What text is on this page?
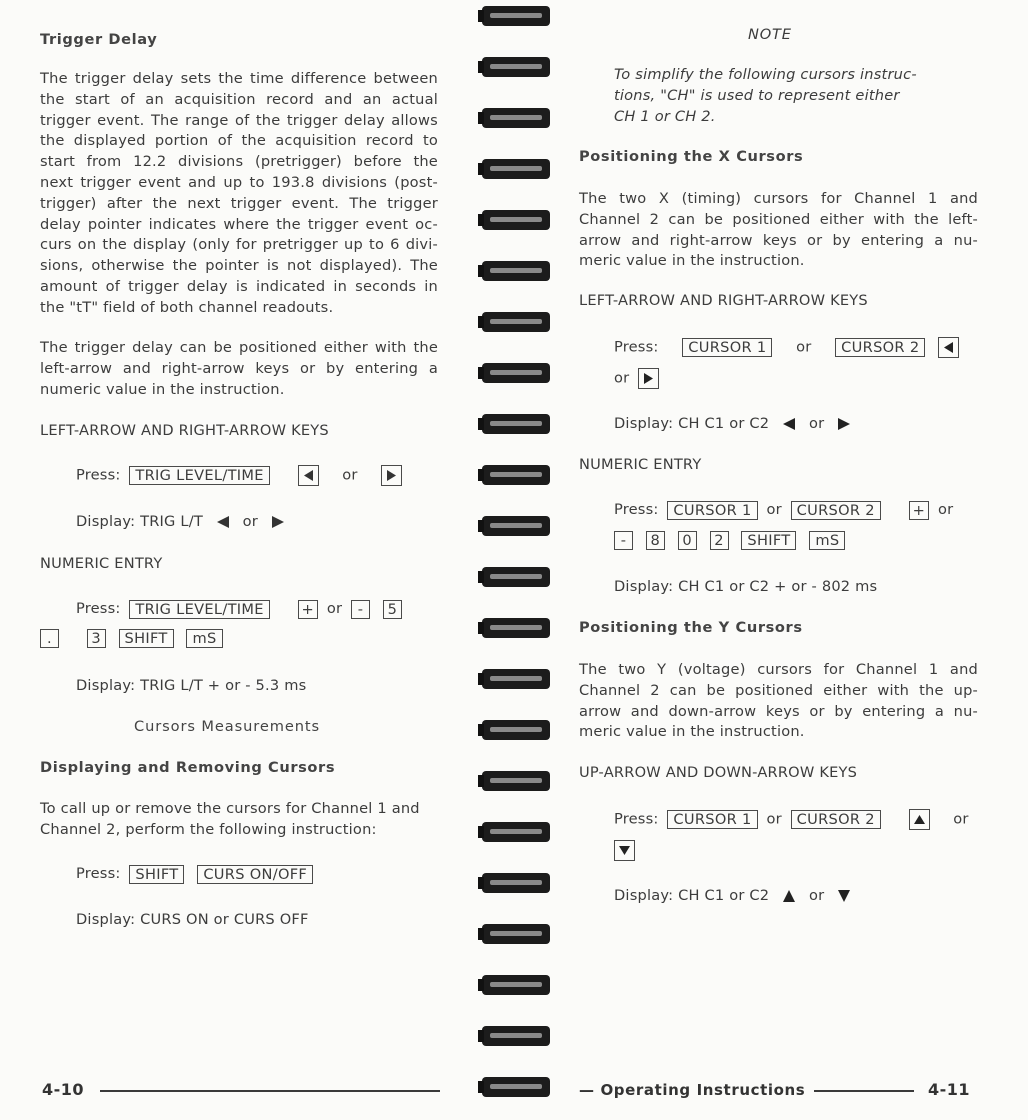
Trigger Delay
The trigger delay sets the time difference between
the start of an acquisition record and an actual
trigger event. The range of the trigger delay allows
the displayed portion of the acquisition record to
start from 12.2 divisions (pretrigger) before the
next trigger event and up to 193.8 divisions (post-
trigger) after the next trigger event. The trigger
delay pointer indicates where the trigger event oc-
curs on the display (only for pretrigger up to 6 divi-
sions, otherwise the pointer is not displayed). The
amount of trigger delay is indicated in seconds in
the "tT" field of both channel readouts.
The trigger delay can be positioned either with the
left-arrow and right-arrow keys or by entering a
numeric value in the instruction.
LEFT-ARROW AND RIGHT-ARROW KEYS
Press: TRIG LEVEL/TIME	or
Display: TRIG L/T	or
NUMERIC ENTRY
Press: TRIG LEVEL/TIME	+ or - 5
.	3 SHIFT mS
Display: TRIG L/T + or - 5.3 ms
Cursors Measurements
Displaying and Removing Cursors
To call up or remove the cursors for Channel 1 and
Channel 2, perform the following instruction:
Press: SHIFT CURS ON/OFF
Display: CURS ON or CURS OFF
4-10
NOTE
To simplify the following cursors instruc-
tions, "CH" is used to represent either
CH 1 or CH 2.
Positioning the X Cursors
The two X (timing) cursors for Channel 1 and
Channel 2 can be positioned either with the left-
arrow and right-arrow keys or by entering a nu-
meric value in the instruction.
LEFT-ARROW AND RIGHT-ARROW KEYS
Press: CURSOR 1 or CURSOR 2
or
Display: CH C1 or C2	or
NUMERIC ENTRY
Press: CURSOR 1 or CURSOR 2	+ or
- 8 0 2 SHIFT mS
Display: CH C1 or C2 + or - 802 ms
Positioning the Y Cursors
The two Y (voltage) cursors for Channel 1 and
Channel 2 can be positioned either with the up-
arrow and down-arrow keys or by entering a nu-
meric value in the instruction.
UP-ARROW AND DOWN-ARROW KEYS
Press: CURSOR 1 or CURSOR 2	or
Display: CH C1 or C2	or
— Operating Instructions	4-11
